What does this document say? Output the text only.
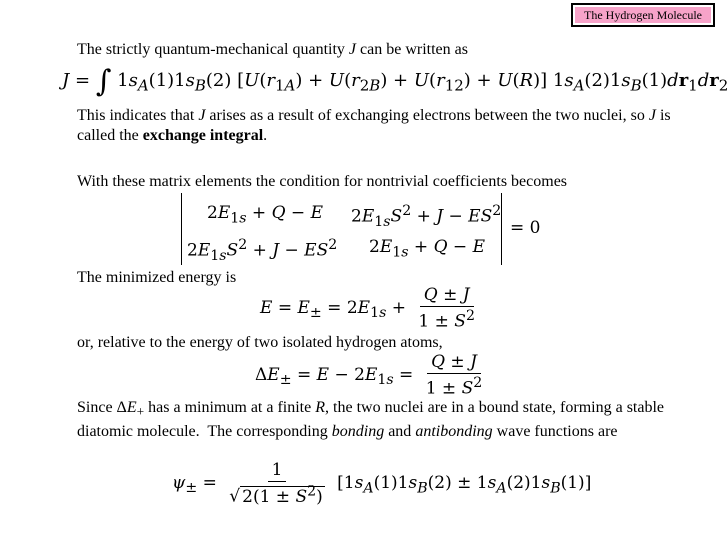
The Hydrogen Molecule
The strictly quantum-mechanical quantity J can be written as
J = ∫ $1s_A(1)1s_B(2) [U(r_{1A}) + U(r_{2B}) + U(r_{12}) + U(R)]$ $1s_A(2)1s_B(1)dr_1dr_2$
This indicates that J arises as a result of exchanging electrons between the two nuclei, so J is called the exchange integral.
With these matrix elements the condition for nontrivial coefficients becomes
$2E_{1s} + Q - E$ $2E_{1s}S^2 + J - ES^2$
$2E_{1s}S^2 + J - ES^2$ $2E_{1s} + Q - E$
= 0
The minimized energy is
$E = E_\pm = 2E_{1s} + \frac{Q \pm J}{1 \pm S^2}$
or, relative to the energy of two isolated hydrogen atoms,
$\Delta E_\pm = E - 2E_{1s} = \frac{Q \pm J}{1 \pm S^2}$
Since $\Delta E_+$ has a minimum at a finite R, the two nuclei are in a bound state, forming a stable diatomic molecule.  The corresponding bonding and antibonding wave functions are
$\psi_\pm = \frac{1}{√ 2(1 \pm S^2)} [1s_A(1)1s_B(2) \pm 1s_A(2)1s_B(1)]$
